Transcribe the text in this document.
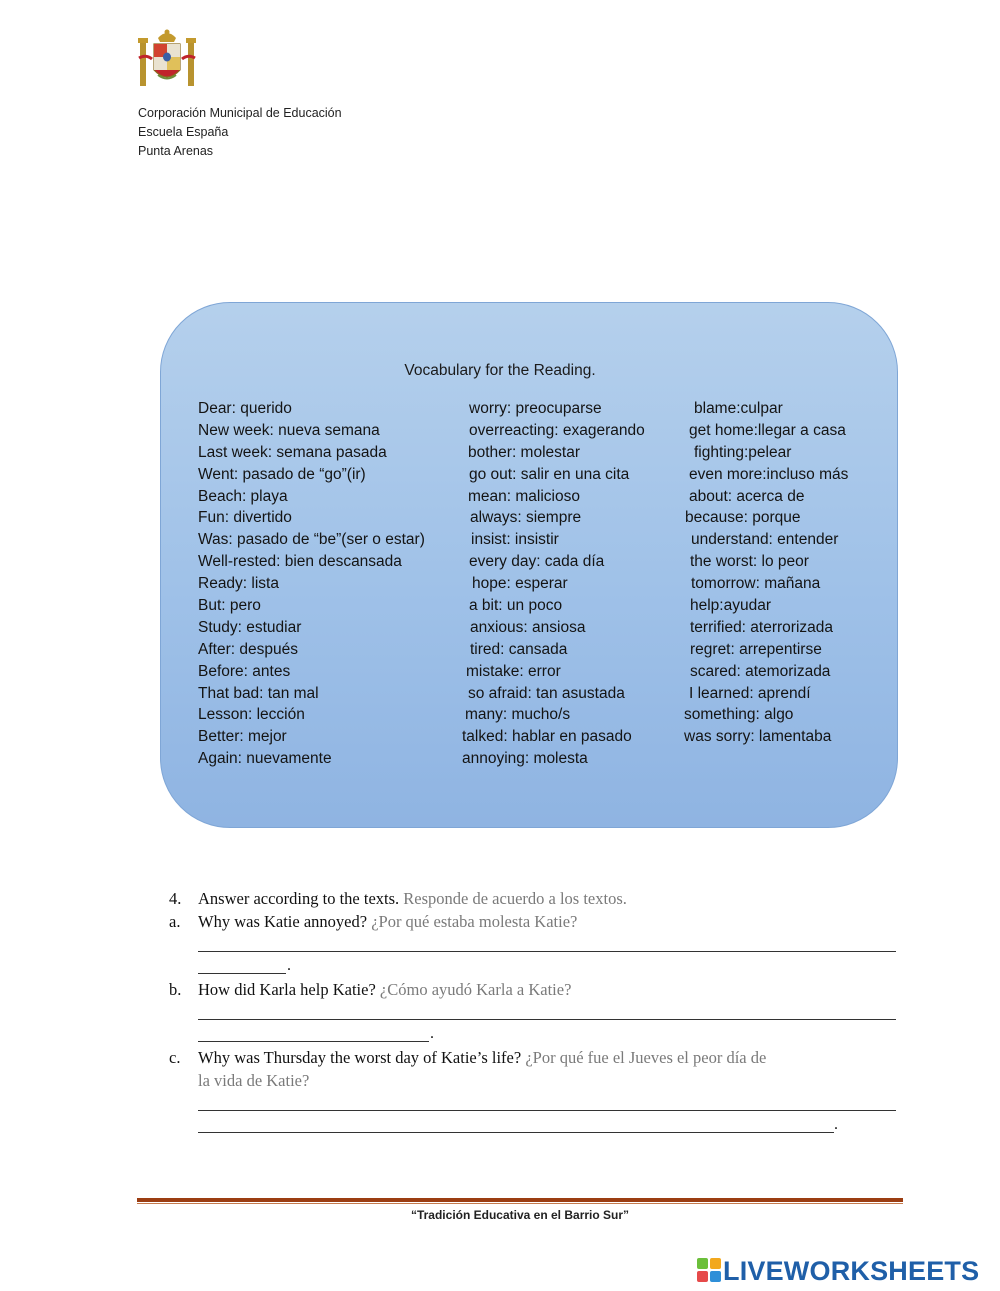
Corporación Municipal de Educación
Escuela España
Punta Arenas
Vocabulary for the Reading.
Dear: querido
New week: nueva semana
Last week: semana pasada
Went: pasado de “go”(ir)
Beach: playa
Fun: divertido
Was: pasado de “be”(ser o estar)
Well-rested: bien descansada
Ready: lista
But: pero
Study: estudiar
After: después
Before: antes
That bad: tan mal
Lesson: lección
Better: mejor
Again: nuevamente
worry: preocuparse
overreacting: exagerando
bother: molestar
go out: salir en una cita
mean: malicioso
always: siempre
insist: insistir
every day: cada día
hope: esperar
a bit: un poco
anxious: ansiosa
tired: cansada
mistake: error
so afraid: tan asustada
many: mucho/s
talked: hablar en pasado
annoying: molesta
blame:culpar
get home:llegar a casa
fighting:pelear
even more:incluso más
about: acerca de
because: porque
understand: entender
the worst: lo peor
tomorrow: mañana
help:ayudar
terrified: aterrorizada
regret: arrepentirse
scared: atemorizada
I learned: aprendí
something: algo
was sorry: lamentaba
4. Answer according to the texts. Responde de acuerdo a los textos.
a. Why was Katie annoyed? ¿Por qué estaba molesta Katie?
.
b. How did Karla help Katie? ¿Cómo ayudó Karla a Katie?
.
c. Why was Thursday the worst day of Katie’s life? ¿Por qué fue el Jueves el peor día de
la vida de Katie?
.
“Tradición Educativa en el Barrio Sur”
LIVEWORKSHEETS
